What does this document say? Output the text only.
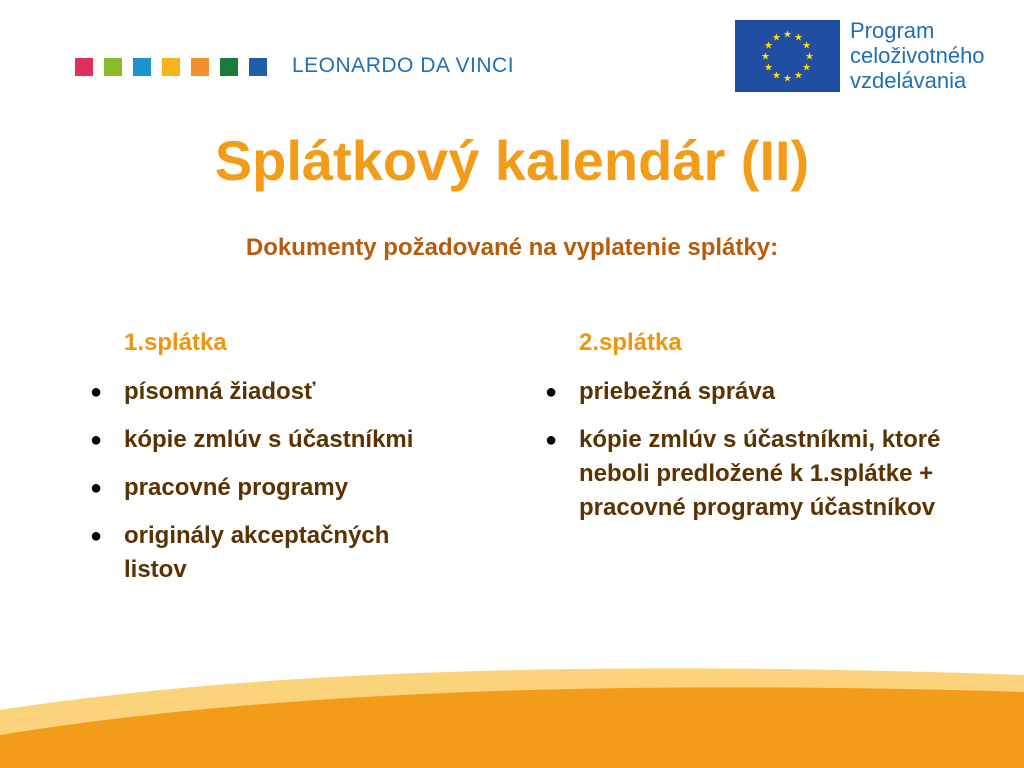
LEONARDO DA VINCI
★ ★
★
★
★
★
★
★
★
★
★
★	Program
celoživotného
vzdelávania
Splátkový kalendár (II)
Dokumenty požadované na vyplatenie splátky:
1.splátka
● písomná žiadosť
● kópie zmlúv s účastníkmi
● pracovné programy
● originály akceptačných listov
2.splátka
● priebežná správa
● kópie zmlúv s účastníkmi, ktoré neboli predložené k 1.splátke + pracovné programy účastníkov
